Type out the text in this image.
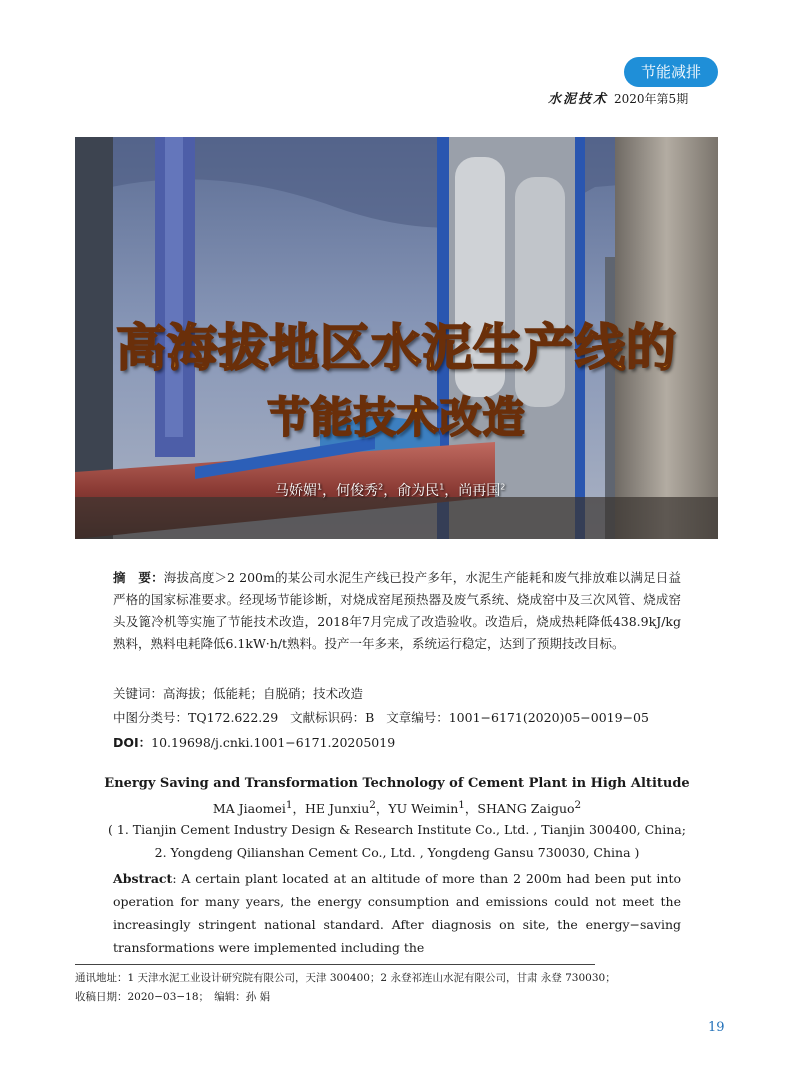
节能减排
水泥技术 2020年第5期
高海拔地区水泥生产线的
节能技术改造
马娇媚$^1$，何俊秀$^2$，俞为民$^1$，尚再国$^2$
摘　要：海拔高度＞2 200m的某公司水泥生产线已投产多年，水泥生产能耗和废气排放难以满足日益严格的国家标准要求。经现场节能诊断，对烧成窑尾预热器及废气系统、烧成窑中及三次风管、烧成窑头及篦冷机等实施了节能技术改造，2018年7月完成了改造验收。改造后，烧成热耗降低438.9kJ/kg熟料，熟料电耗降低6.1kW·h/t熟料。投产一年多来，系统运行稳定，达到了预期技改目标。
关键词：高海拔；低能耗；自脱硝；技术改造
中图分类号：TQ172.622.29 文献标识码：B 文章编号：1001−6171(2020)05−0019−05
DOI：10.19698/j.cnki.1001−6171.20205019
Energy Saving and Transformation Technology of Cement Plant in High Altitude
MA Jiaomei$^1$，HE Junxiu$^2$，YU Weimin$^1$，SHANG Zaiguo$^2$
( 1. Tianjin Cement Industry Design & Research Institute Co., Ltd. , Tianjin 300400, China;
2. Yongdeng Qilianshan Cement Co., Ltd. , Yongdeng Gansu 730030, China )
Abstract: A certain plant located at an altitude of more than 2 200m had been put into operation for many years, the energy consumption and emissions could not meet the increasingly stringent national standard. After diagnosis on site, the energy−saving transformations were implemented including the
通讯地址：1 天津水泥工业设计研究院有限公司，天津 300400；2 永登祁连山水泥有限公司，甘肃 永登 730030；
收稿日期：2020−03−18；　编辑：孙 娟
19
